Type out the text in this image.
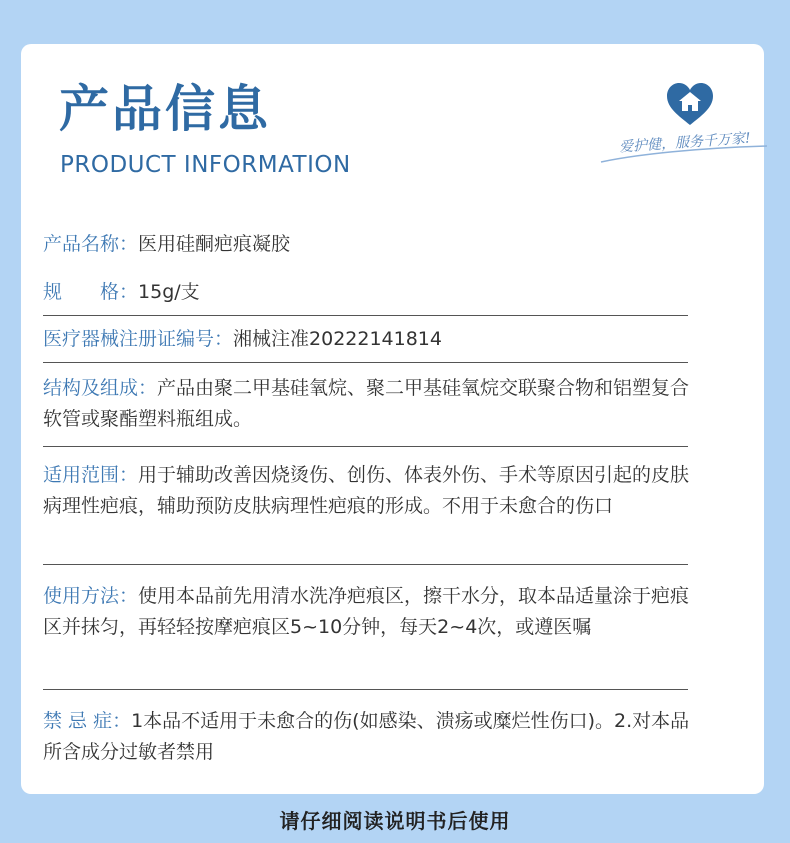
产品信息
PRODUCT INFORMATION
爱护健，服务千万家!
产品名称：医用硅酮疤痕凝胶
规　　格：15g/支
医疗器械注册证编号：湘械注准20222141814
结构及组成：产品由聚二甲基硅氧烷、聚二甲基硅氧烷交联聚合物和铝塑复合软管或聚酯塑料瓶组成。
适用范围：用于辅助改善因烧烫伤、创伤、体表外伤、手术等原因引起的皮肤病理性疤痕，辅助预防皮肤病理性疤痕的形成。不用于未愈合的伤口
使用方法：使用本品前先用清水洗净疤痕区，擦干水分，取本品适量涂于疤痕区并抹匀，再轻轻按摩疤痕区5~10分钟，每天2~4次，或遵医嘱
禁 忌 症：1本品不适用于未愈合的伤(如感染、溃疡或糜烂性伤口)。2.对本品所含成分过敏者禁用
请仔细阅读说明书后使用
